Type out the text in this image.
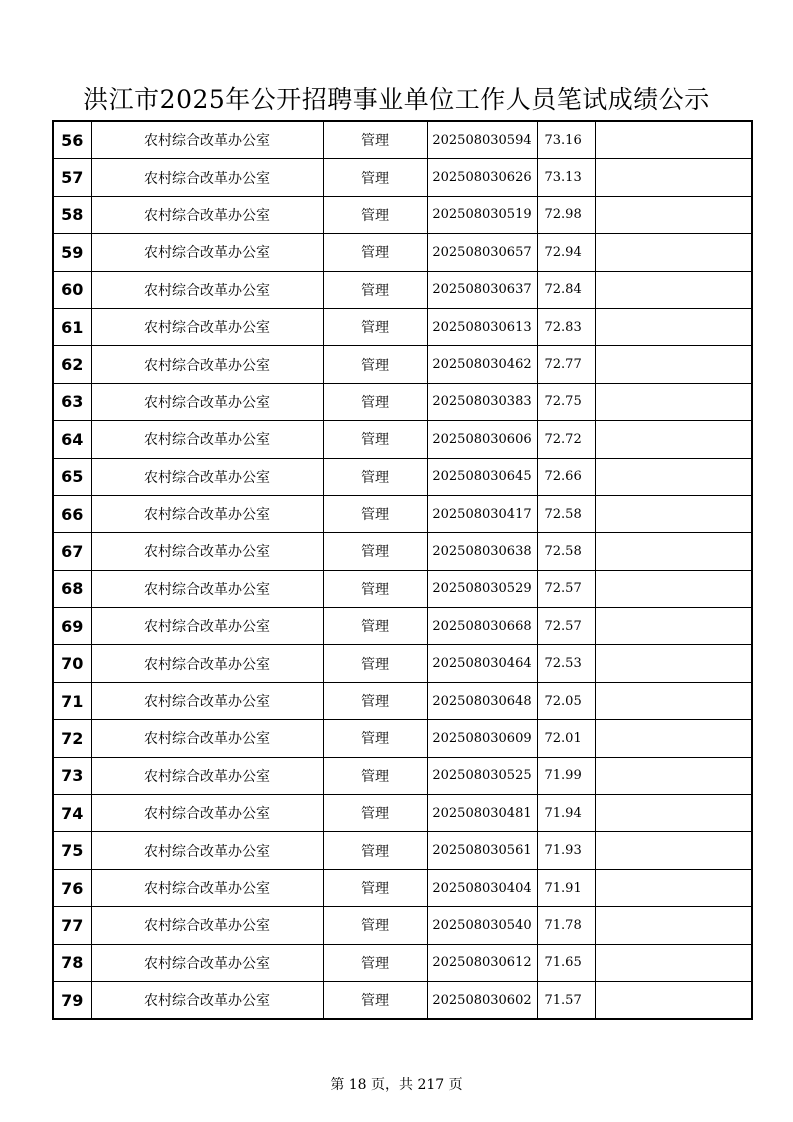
洪江市2025年公开招聘事业单位工作人员笔试成绩公示
56	农村综合改革办公室	管理	202508030594	73.16	
57	农村综合改革办公室	管理	202508030626	73.13	
58	农村综合改革办公室	管理	202508030519	72.98	
59	农村综合改革办公室	管理	202508030657	72.94	
60	农村综合改革办公室	管理	202508030637	72.84	
61	农村综合改革办公室	管理	202508030613	72.83	
62	农村综合改革办公室	管理	202508030462	72.77	
63	农村综合改革办公室	管理	202508030383	72.75	
64	农村综合改革办公室	管理	202508030606	72.72	
65	农村综合改革办公室	管理	202508030645	72.66	
66	农村综合改革办公室	管理	202508030417	72.58	
67	农村综合改革办公室	管理	202508030638	72.58	
68	农村综合改革办公室	管理	202508030529	72.57	
69	农村综合改革办公室	管理	202508030668	72.57	
70	农村综合改革办公室	管理	202508030464	72.53	
71	农村综合改革办公室	管理	202508030648	72.05	
72	农村综合改革办公室	管理	202508030609	72.01	
73	农村综合改革办公室	管理	202508030525	71.99	
74	农村综合改革办公室	管理	202508030481	71.94	
75	农村综合改革办公室	管理	202508030561	71.93	
76	农村综合改革办公室	管理	202508030404	71.91	
77	农村综合改革办公室	管理	202508030540	71.78	
78	农村综合改革办公室	管理	202508030612	71.65	
79	农村综合改革办公室	管理	202508030602	71.57	
第 18 页，共 217 页
